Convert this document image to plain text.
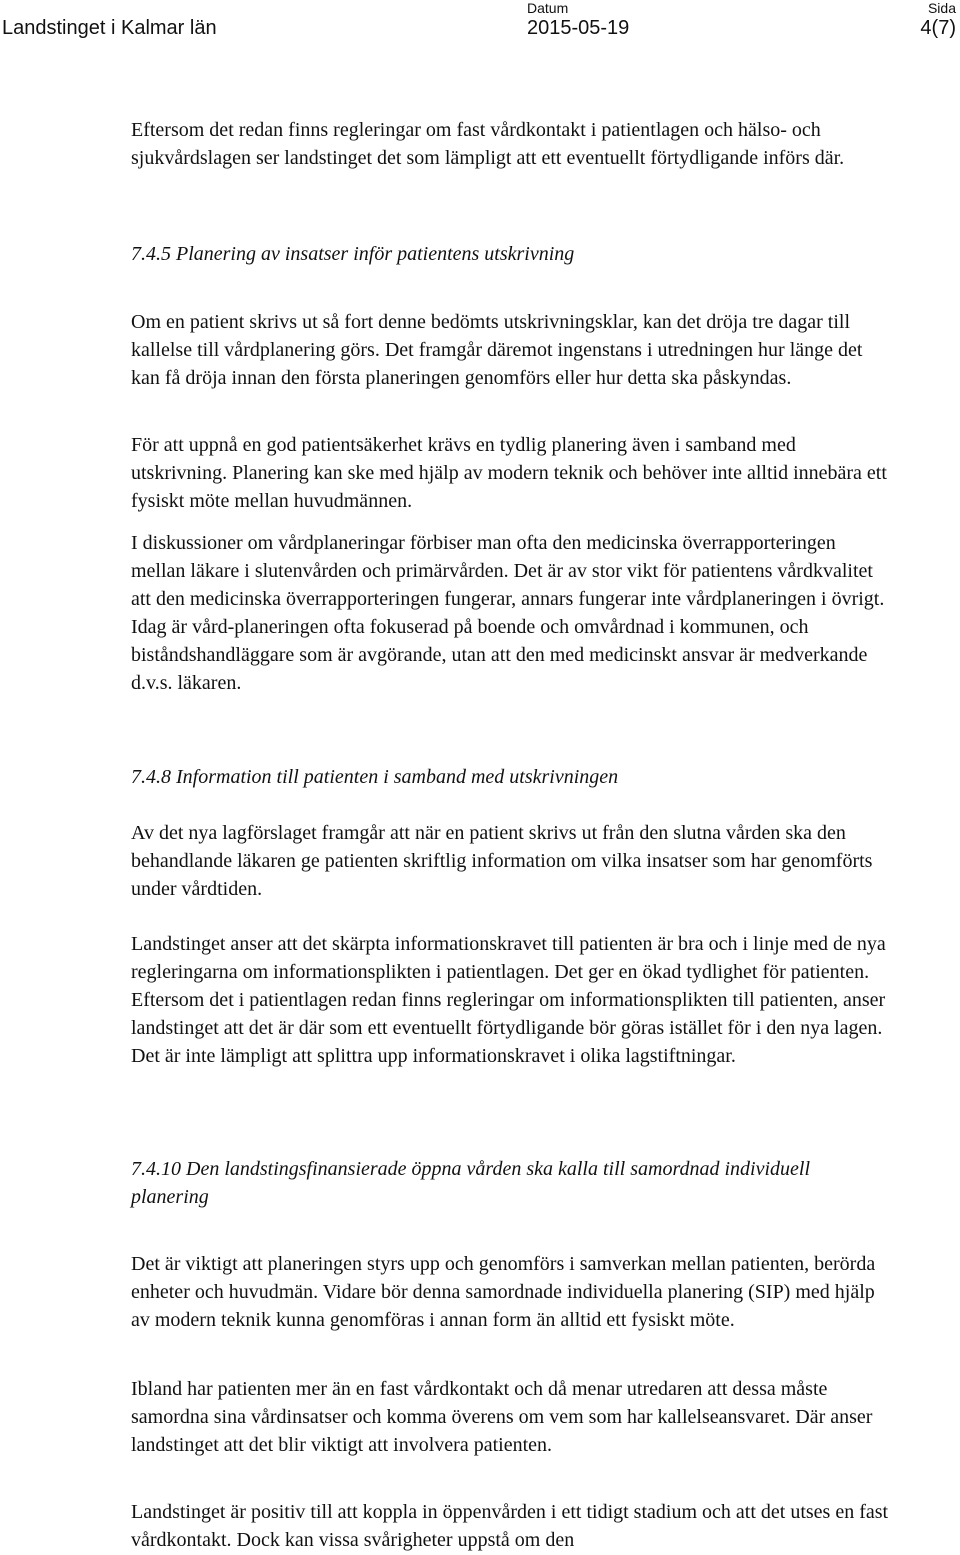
Landstinget i Kalmar län
Datum
2015-05-19
Sida
4(7)

Eftersom det redan finns regleringar om fast vårdkontakt i patientlagen och hälso- och sjukvårdslagen ser landstinget det som lämpligt att ett eventuellt förtydligande införs där.

7.4.5 Planering av insatser inför patientens utskrivning

Om en patient skrivs ut så fort denne bedömts utskrivningsklar, kan det dröja tre dagar till kallelse till vårdplanering görs. Det framgår däremot ingenstans i utredningen hur länge det kan få dröja innan den första planeringen genomförs eller hur detta ska påskyndas.

För att uppnå en god patientsäkerhet krävs en tydlig planering även i samband med utskrivning. Planering kan ske med hjälp av modern teknik och behöver inte alltid innebära ett fysiskt möte mellan huvudmännen.

I diskussioner om vårdplaneringar förbiser man ofta den medicinska överrapporteringen mellan läkare i slutenvården och primärvården. Det är av stor vikt för patientens vårdkvalitet att den medicinska överrapporteringen fungerar, annars fungerar inte vårdplaneringen i övrigt. Idag är vård-planeringen ofta fokuserad på boende och omvårdnad i kommunen, och biståndshandläggare som är avgörande, utan att den med medicinskt ansvar är medverkande d.v.s. läkaren.

7.4.8 Information till patienten i samband med utskrivningen

Av det nya lagförslaget framgår att när en patient skrivs ut från den slutna vården ska den behandlande läkaren ge patienten skriftlig information om vilka insatser som har genomförts under vårdtiden.

Landstinget anser att det skärpta informationskravet till patienten är bra och i linje med de nya regleringarna om informationsplikten i patientlagen. Det ger en ökad tydlighet för patienten. Eftersom det i patientlagen redan finns regleringar om informationsplikten till patienten, anser landstinget att det är där som ett eventuellt förtydligande bör göras istället för i den nya lagen. Det är inte lämpligt att splittra upp informationskravet i olika lagstiftningar.

7.4.10 Den landstingsfinansierade öppna vården ska kalla till samordnad individuell planering

Det är viktigt att planeringen styrs upp och genomförs i samverkan mellan patienten, berörda enheter och huvudmän. Vidare bör denna samordnade individuella planering (SIP) med hjälp av modern teknik kunna genomföras i annan form än alltid ett fysiskt möte.

Ibland har patienten mer än en fast vårdkontakt och då menar utredaren att dessa måste samordna sina vårdinsatser och komma överens om vem som har kallelseansvaret. Där anser landstinget att det blir viktigt att involvera patienten.

Landstinget är positiv till att koppla in öppenvården i ett tidigt stadium och att det utses en fast vårdkontakt. Dock kan vissa svårigheter uppstå om den
